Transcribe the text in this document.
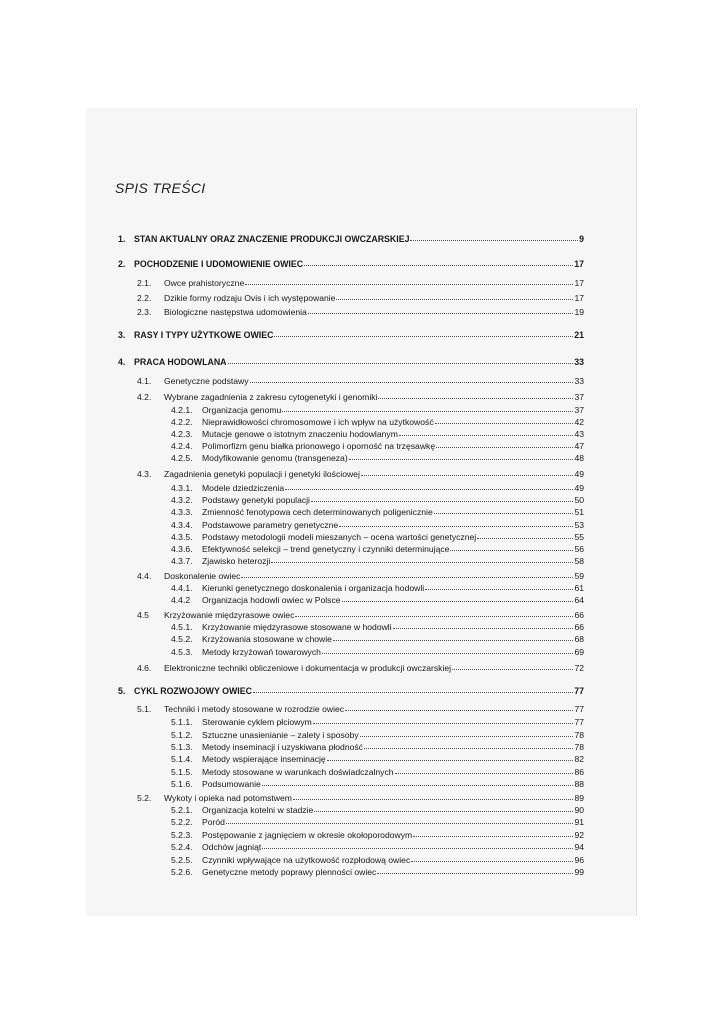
SPIS TREŚCI
1. STAN AKTUALNY ORAZ ZNACZENIE PRODUKCJI OWCZARSKIEJ	9
2. POCHODZENIE I UDOMOWIENIE OWIEC	17
2.1.	Owce prahistoryczne	17
2.2.	Dzikie formy rodzaju Ovis i ich występowanie	17
2.3.	Biologiczne następstwa udomowienia	19
3. RASY I TYPY UŻYTKOWE OWIEC	21
4. PRACA HODOWLANA	33
4.1.	Genetyczne podstawy	33
4.2.	Wybrane zagadnienia z zakresu cytogenetyki i genomiki	37
4.2.1.	Organizacja genomu	37
4.2.2.	Nieprawidłowości chromosomowe i ich wpływ na użytkowość	42
4.2.3.	Mutacje genowe o istotnym znaczeniu hodowlanym	43
4.2.4.	Polimorfizm genu białka prionowego i oporność na trzęsawkę	47
4.2.5.	Modyfikowanie genomu (transgeneza)	48
4.3.	Zagadnienia genetyki populacji i genetyki ilościowej	49
4.3.1.	Modele dziedziczenia	49
4.3.2.	Podstawy genetyki populacji	50
4.3.3.	Zmienność fenotypowa cech determinowanych poligenicznie	51
4.3.4.	Podstawowe parametry genetyczne	53
4.3.5.	Podstawy metodologii modeli mieszanych – ocena wartości genetycznej	55
4.3.6.	Efektywność selekcji – trend genetyczny i czynniki determinujące	56
4.3.7.	Zjawisko heterozji	58
4.4.	Doskonalenie owiec	59
4.4.1.	Kierunki genetycznego doskonalenia i organizacja hodowli	61
4.4.2	Organizacja hodowli owiec w Polsce	64
4.5	Krzyżowanie międzyrasowe owiec	66
4.5.1.	Krzyżowanie międzyrasowe stosowane w hodowli	66
4.5.2.	Krzyżowania stosowane w chowie	68
4.5.3.	Metody krzyżowań towarowych	69
4.6.	Elektroniczne techniki obliczeniowe i dokumentacja w produkcji owczarskiej	72
5. CYKL ROZWOJOWY OWIEC	77
5.1.	Techniki i metody stosowane w rozrodzie owiec	77
5.1.1.	Sterowanie cyklem płciowym	77
5.1.2.	Sztuczne unasienianie – zalety i sposoby	78
5.1.3.	Metody inseminacji i uzyskiwana płodność	78
5.1.4.	Metody wspierające inseminację	82
5.1.5.	Metody stosowane w warunkach doświadczalnych	86
5.1.6.	Podsumowanie	88
5.2.	Wykoty i opieka nad potomstwem	89
5.2.1.	Organizacja kotelni w stadzie	90
5.2.2.	Poród	91
5.2.3.	Postępowanie z jagnięciem w okresie okołoporodowym	92
5.2.4.	Odchów jagniąt	94
5.2.5.	Czynniki wpływające na użytkowość rozpłodową owiec	96
5.2.6.	Genetyczne metody poprawy plenności owiec	99
